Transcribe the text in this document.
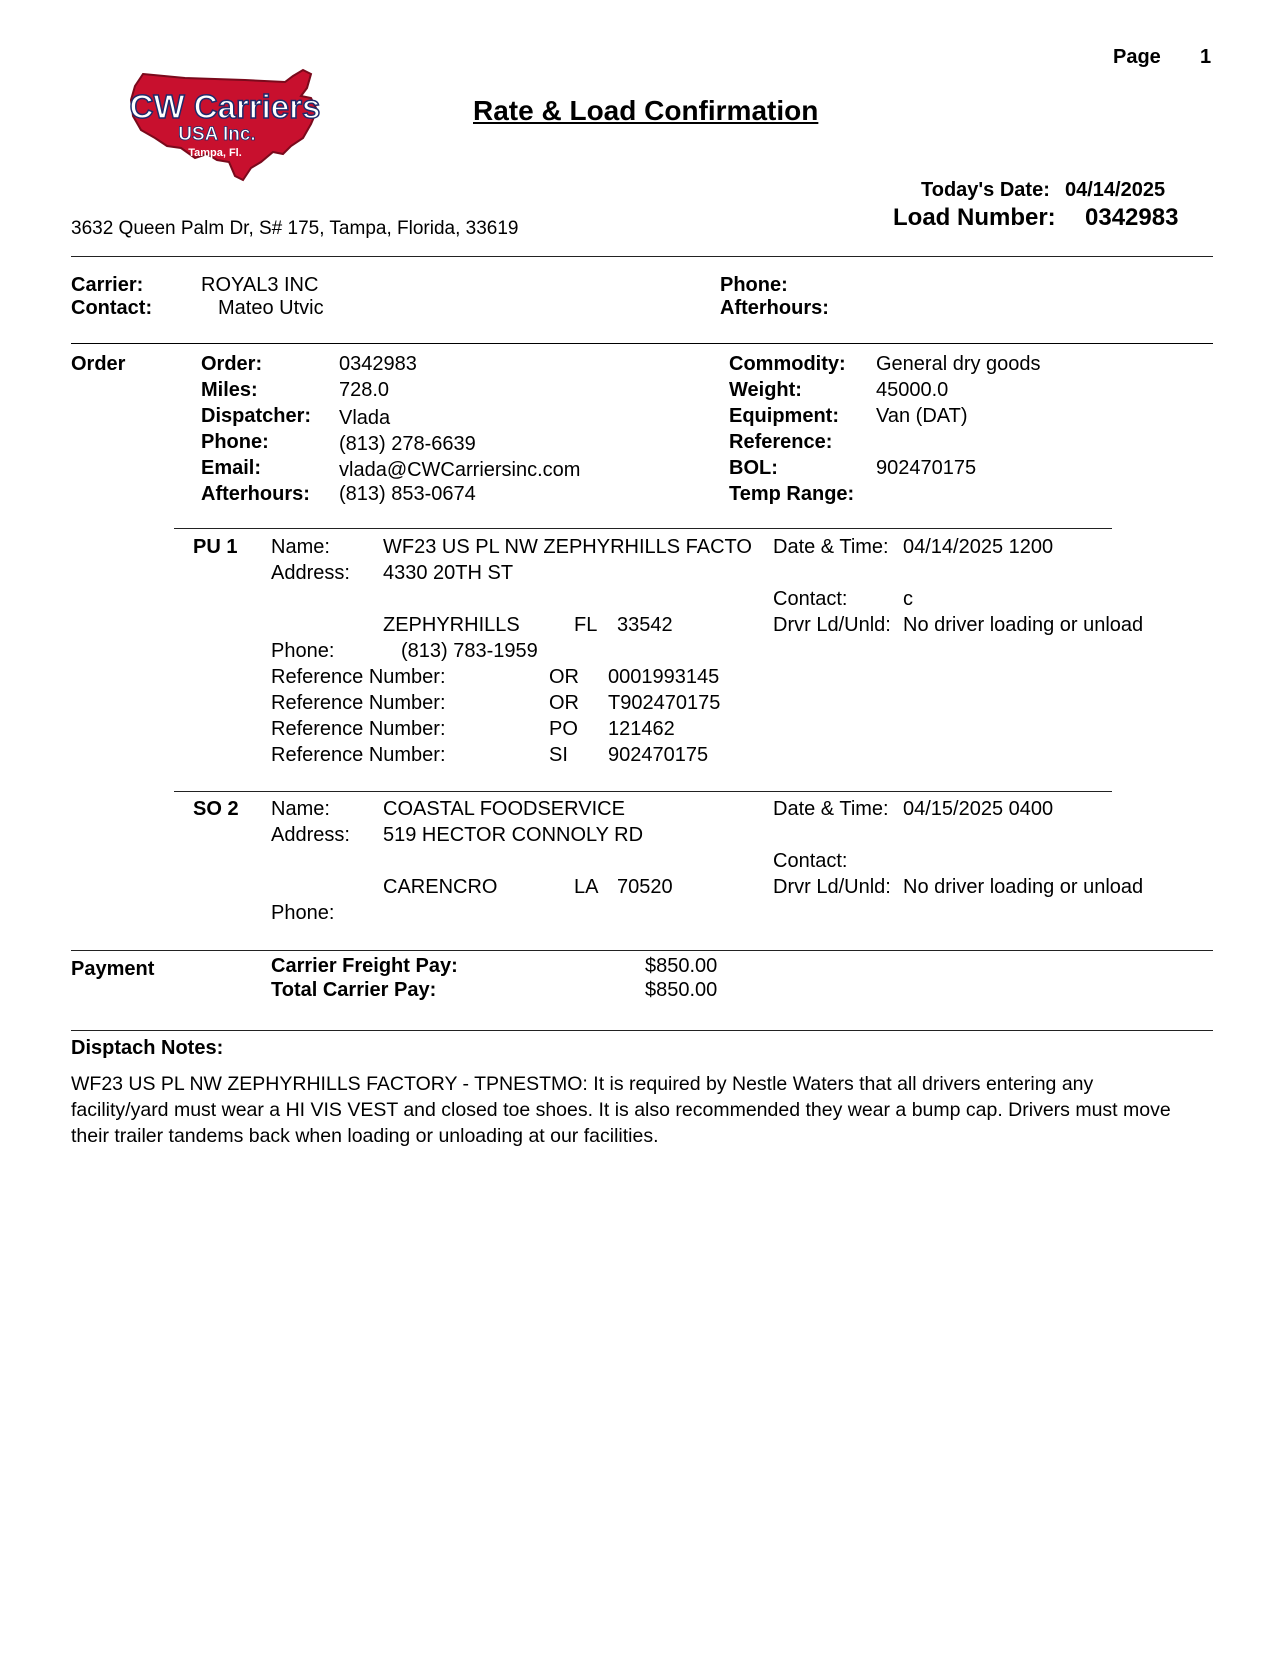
Page 1
CW Carriers
USA Inc.
Tampa, Fl.
Rate & Load Confirmation
Today's Date: 04/14/2025
Load Number: 0342983
3632 Queen Palm Dr, S# 175, Tampa, Florida, 33619
Carrier:	ROYAL3 INC
Contact:	Mateo Utvic
Phone:
Afterhours:
Order	Order:	0342983
Miles:	728.0
Dispatcher: Vlada
Phone:	(813) 278-6639
Email:	vlada@CWCarriersinc.com
Afterhours: (813) 853-0674
Commodity: General dry goods
Weight:	45000.0
Equipment: Van (DAT)
Reference:
BOL:	902470175
Temp Range:
PU 1 Name:	WF23 US PL NW ZEPHYRHILLS FACTO
Address: 4330 20TH ST
ZEPHYRHILLS	FL 33542
Phone:	(813) 783-1959
Date & Time: 04/14/2025 1200
Contact:	c
Drvr Ld/Unld: No driver loading or unload
Reference Number:	OR 0001993145
Reference Number:	OR T902470175
Reference Number:	PO 121462
Reference Number:	SI 902470175
SO 2 Name:	COASTAL FOODSERVICE
Address: 519 HECTOR CONNOLY RD
CARENCRO	LA 70520
Phone:
Date & Time: 04/15/2025 0400
Contact:
Drvr Ld/Unld: No driver loading or unload
Payment	Carrier Freight Pay:	$850.00
Total Carrier Pay:	$850.00
Disptach Notes:
WF23 US PL NW ZEPHYRHILLS FACTORY - TPNESTMO: It is required by Nestle Waters that all drivers entering any facility/yard must wear a HI VIS VEST and closed toe shoes. It is also recommended they wear a bump cap. Drivers must move their trailer tandems back when loading or unloading at our facilities.
